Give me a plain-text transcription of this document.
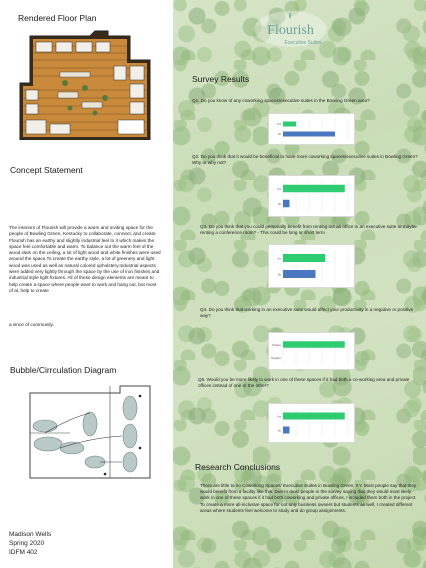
Rendered Floor Plan
Concept Statement
The interiors of Flourish will provide a warm and inviting space for the people of Bowling Green, Kentucky to collaborate, connect, and create. Flourish has an earthy and slightly industrial feel to it which makes the space feel comfortable and warm. To balance out the warm feel of the wood slats on the ceiling, a lot of light wood and white finishes were used around the space.To create the earthy style, a lot of greenery and light wood was used as well as natural colored upholstery.Industrial aspects were added very lightly through the space by the use of iron finishes and industrial style light fixtures. All of these design elements are meant to help create a space where people want to work and hang out, but most of al, help to create
a since of community.
Bubble/Cirrculation Diagram
Madison Wells
Spring 2020
IDFM 402
Flourish
Executive Suites
Survey Results
Q1. Do you know of any coworking spaces/executive suites in the Bowling Green area?
Yes
No
Q2. Do you think that it would be beneficial to have more coworking spaces/executive suites in Bowling Green? Why or why not?
Yes
No
Q3. Do you think that you could personally benefit from renting out an office in an executive suite or maybe renting a conference room? - This could be long or short term
Yes
No
Q4. Do you think that working in an executive suite would affect your productivity in a negative or positive way?
Positive
Negative
Q5. Would you be more likely to work in one of these spaces if it had both a co-working area and private offices instead of one or the other?
Yes
No
Research Conclusions
There are little to no Coworking Spaces/ Executive Suites in Bowling Green, KY. Most people say that they would benefit from a facility like this. Due to most people in the survey saying that they would most likely work in one of these spaces if it had both coworking and private offices, I included them both in the project. To create a more all-inclusive space for not only business owners but students as well, I created different areas where students feel welcome to study and do group assignments.
